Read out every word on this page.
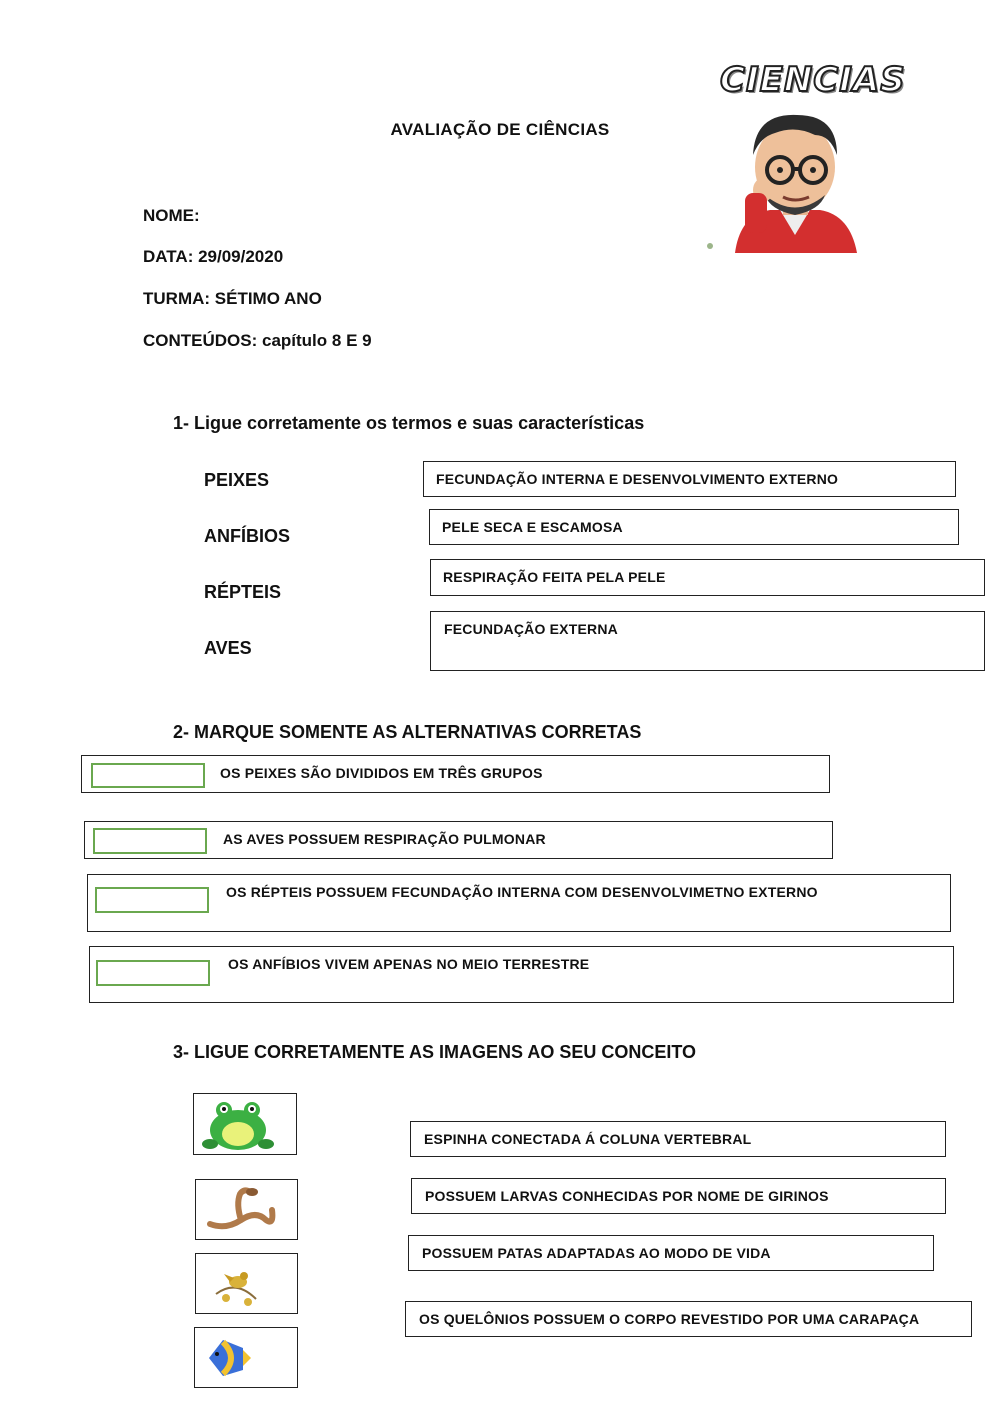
CIENCIAS
AVALIAÇÃO DE CIÊNCIAS
NOME:
DATA: 29/09/2020
TURMA: SÉTIMO ANO
CONTEÚDOS: capítulo 8 E 9
1- Ligue corretamente os termos e suas características
PEIXES
ANFÍBIOS
RÉPTEIS
AVES
FECUNDAÇÃO INTERNA E DESENVOLVIMENTO EXTERNO
PELE SECA E ESCAMOSA
RESPIRAÇÃO FEITA PELA PELE
FECUNDAÇÃO EXTERNA
2- MARQUE SOMENTE AS ALTERNATIVAS CORRETAS
OS PEIXES SÃO DIVIDIDOS EM TRÊS GRUPOS
AS AVES POSSUEM RESPIRAÇÃO PULMONAR
OS RÉPTEIS POSSUEM FECUNDAÇÃO INTERNA COM DESENVOLVIMETNO EXTERNO
OS ANFÍBIOS VIVEM APENAS NO MEIO TERRESTRE
3- LIGUE CORRETAMENTE AS IMAGENS AO SEU CONCEITO
ESPINHA CONECTADA Á COLUNA VERTEBRAL
POSSUEM LARVAS CONHECIDAS POR NOME DE GIRINOS
POSSUEM PATAS ADAPTADAS AO MODO DE VIDA
OS QUELÔNIOS POSSUEM O CORPO REVESTIDO POR UMA CARAPAÇA
